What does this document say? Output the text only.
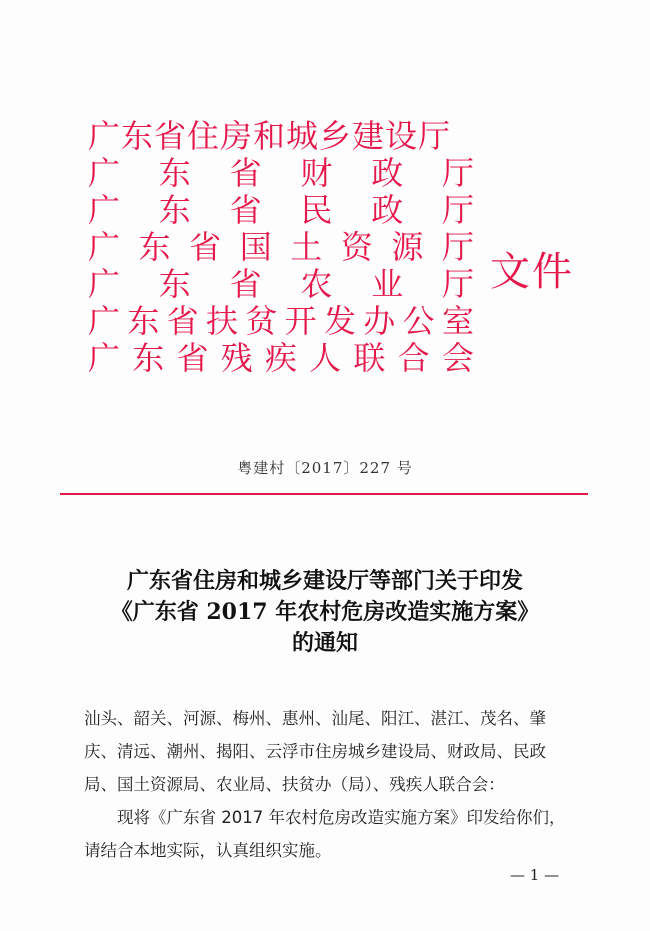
广东省住房和城乡建设厅
广 东 省 财 政 厅
广 东 省 民 政 厅
广 东 省 国 土 资 源 厅
广 东 省 农 业 厅
广 东 省 扶 贫 开 发 办 公 室
广 东 省 残 疾 人 联 合 会
文件
粤建村〔2017〕227 号
广东省住房和城乡建设厅等部门关于印发
《广东省 2017 年农村危房改造实施方案》
的通知

汕头、韶关、河源、梅州、惠州、汕尾、阳江、湛江、茂名、肇

庆、清远、潮州、揭阳、云浮市住房城乡建设局、财政局、民政

局、国土资源局、农业局、扶贫办（局）、残疾人联合会：

现将《广东省 2017 年农村危房改造实施方案》印发给你们，

请结合本地实际，认真组织实施。

— 1 —
